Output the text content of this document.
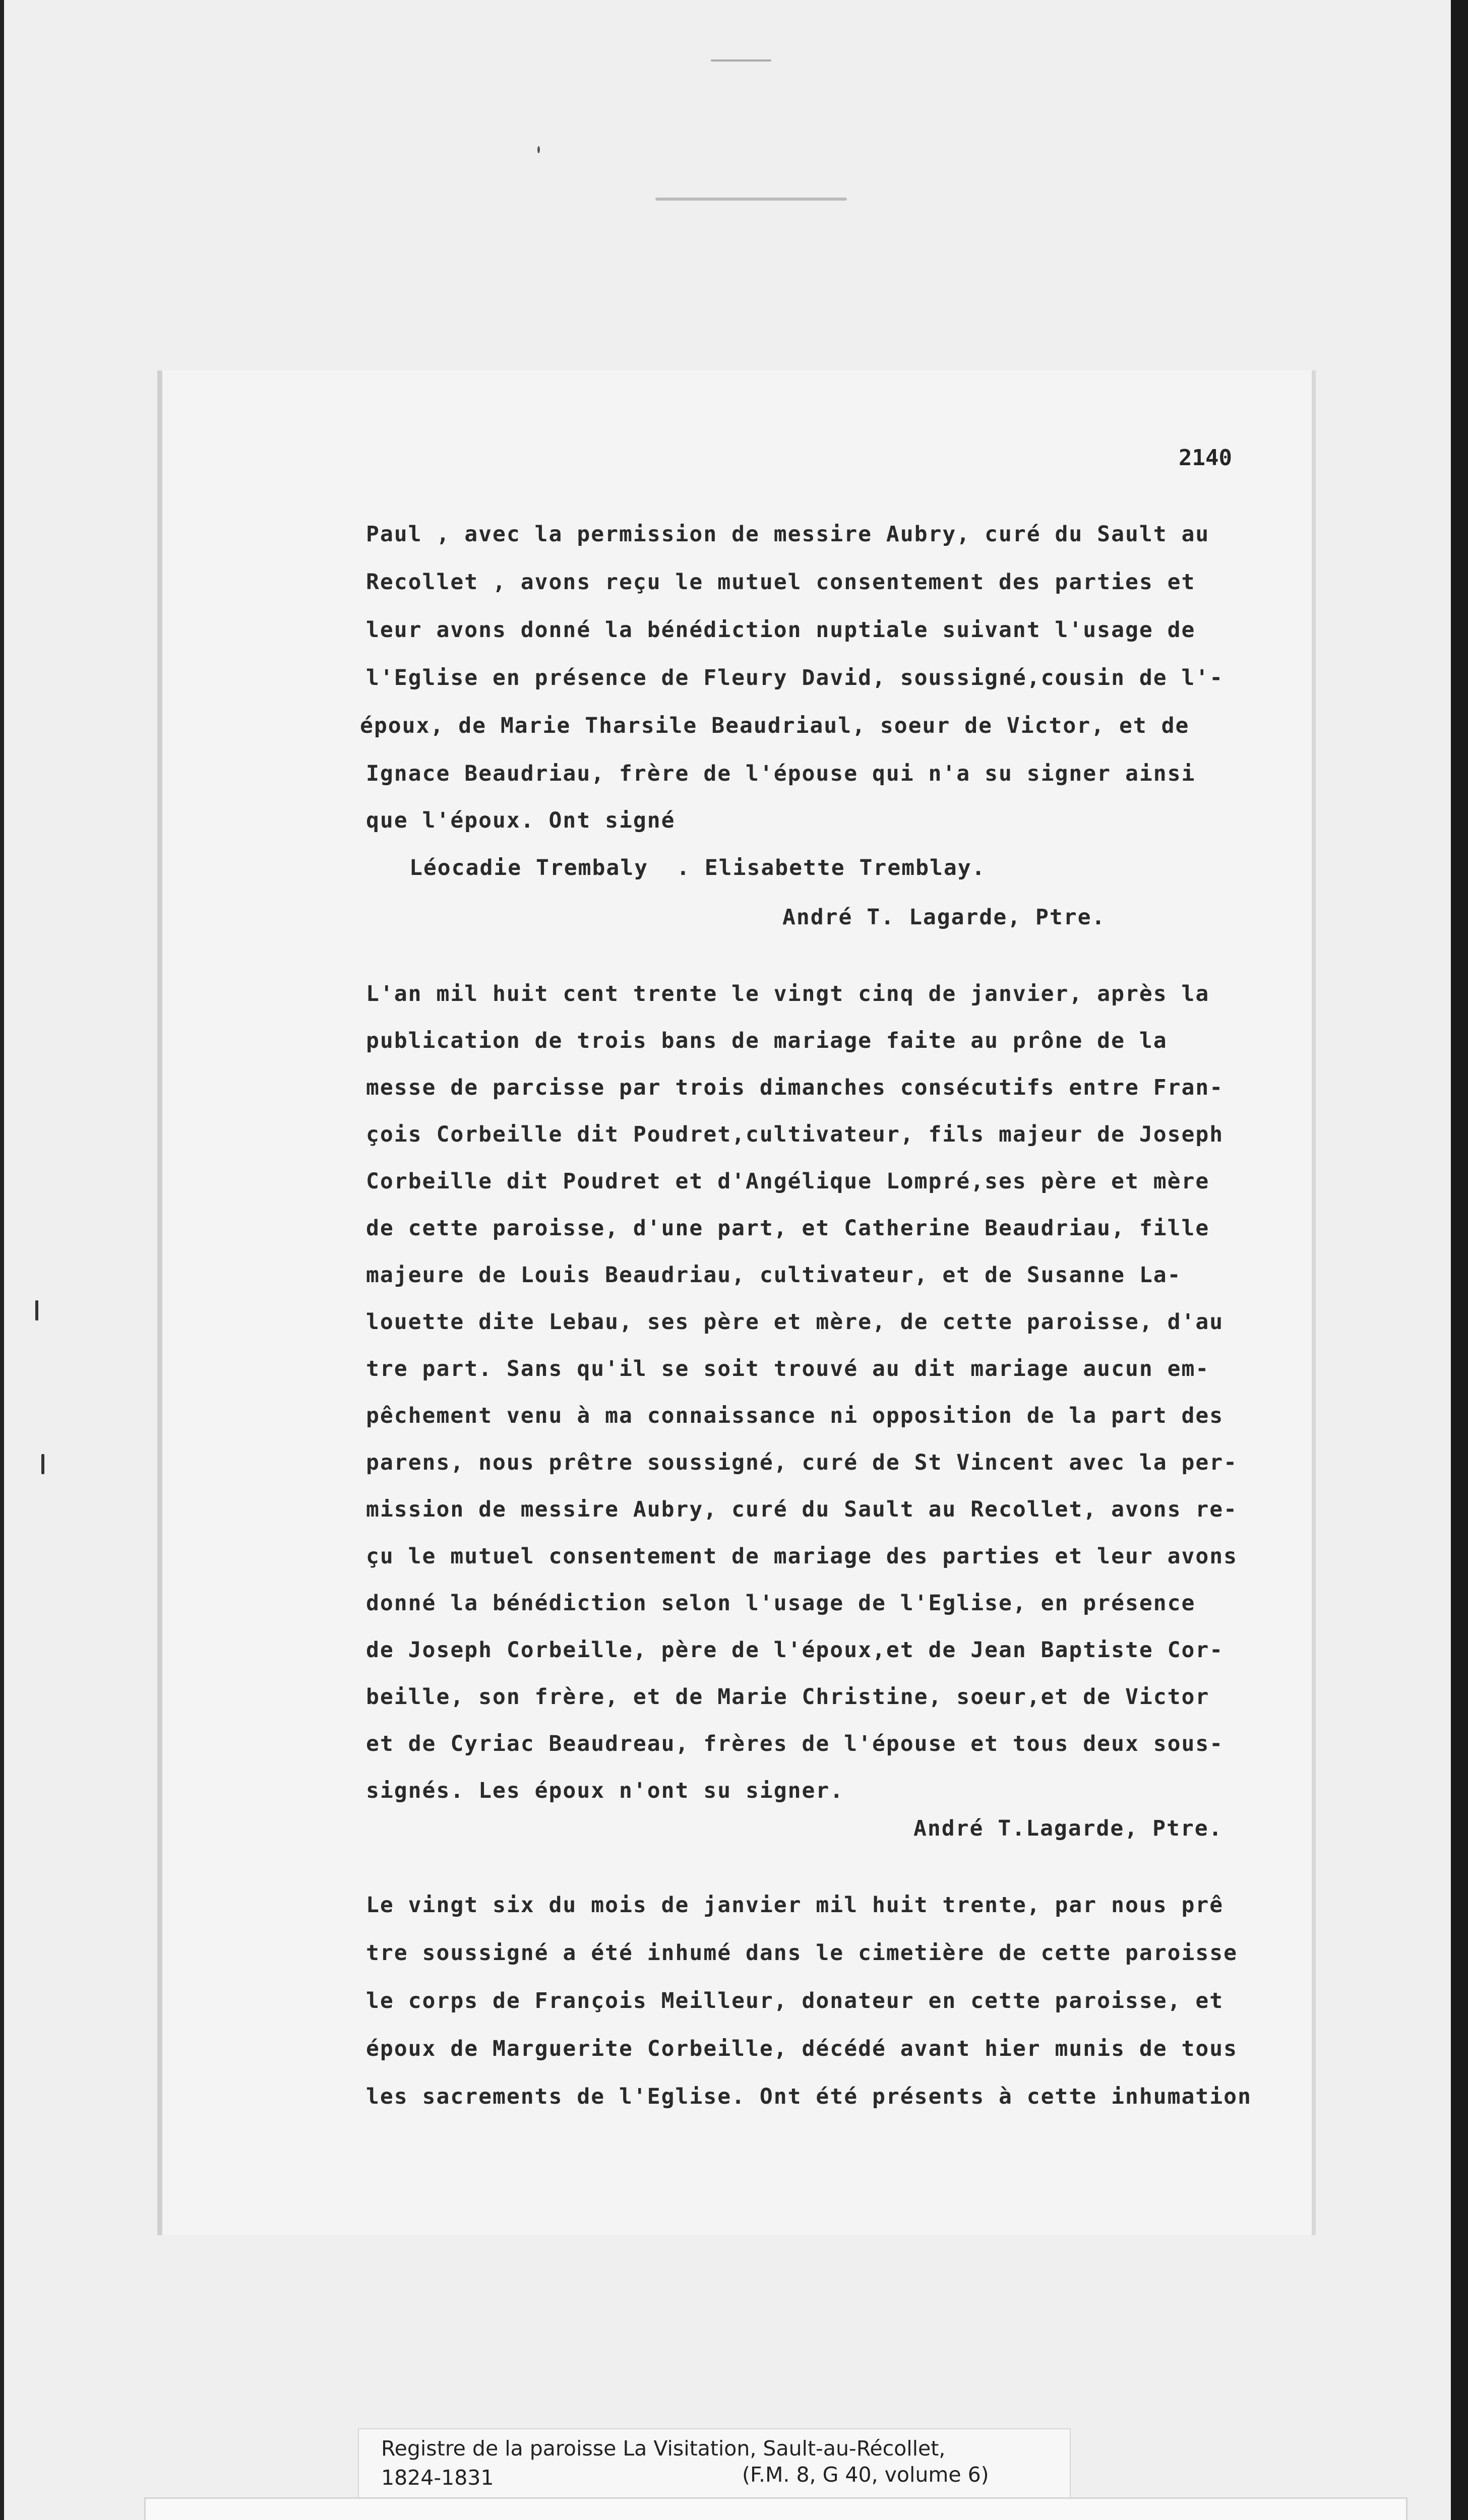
2140
Paul , avec la permission de messire Aubry, curé du Sault au
Recollet , avons reçu le mutuel consentement des parties et
leur avons donné la bénédiction nuptiale suivant l'usage de
l'Eglise en présence de Fleury David, soussigné,cousin de l'-
époux, de Marie Tharsile Beaudriaul, soeur de Victor, et de
Ignace Beaudriau, frère de l'épouse qui n'a su signer ainsi
que l'époux. Ont signé
Léocadie Trembaly . Elisabette Tremblay.
André T. Lagarde, Ptre.
L'an mil huit cent trente le vingt cinq de janvier, après la
publication de trois bans de mariage faite au prône de la
messe de parcisse par trois dimanches consécutifs entre Fran-
çois Corbeille dit Poudret,cultivateur, fils majeur de Joseph
Corbeille dit Poudret et d'Angélique Lompré,ses père et mère
de cette paroisse, d'une part, et Catherine Beaudriau, fille
majeure de Louis Beaudriau, cultivateur, et de Susanne La-
louette dite Lebau, ses père et mère, de cette paroisse, d'au
tre part. Sans qu'il se soit trouvé au dit mariage aucun em-
pêchement venu à ma connaissance ni opposition de la part des
parens, nous prêtre soussigné, curé de St Vincent avec la per-
mission de messire Aubry, curé du Sault au Recollet, avons re-
çu le mutuel consentement de mariage des parties et leur avons
donné la bénédiction selon l'usage de l'Eglise, en présence
de Joseph Corbeille, père de l'époux,et de Jean Baptiste Cor-
beille, son frère, et de Marie Christine, soeur,et de Victor
et de Cyriac Beaudreau, frères de l'épouse et tous deux sous-
signés. Les époux n'ont su signer.
André T.Lagarde, Ptre.
Le vingt six du mois de janvier mil huit trente, par nous prê
tre soussigné a été inhumé dans le cimetière de cette paroisse
le corps de François Meilleur, donateur en cette paroisse, et
époux de Marguerite Corbeille, décédé avant hier munis de tous
les sacrements de l'Eglise. Ont été présents à cette inhumation
Registre de la paroisse La Visitation, Sault-au-Récollet,
1824-1831	(F.M. 8, G 40, volume 6)
